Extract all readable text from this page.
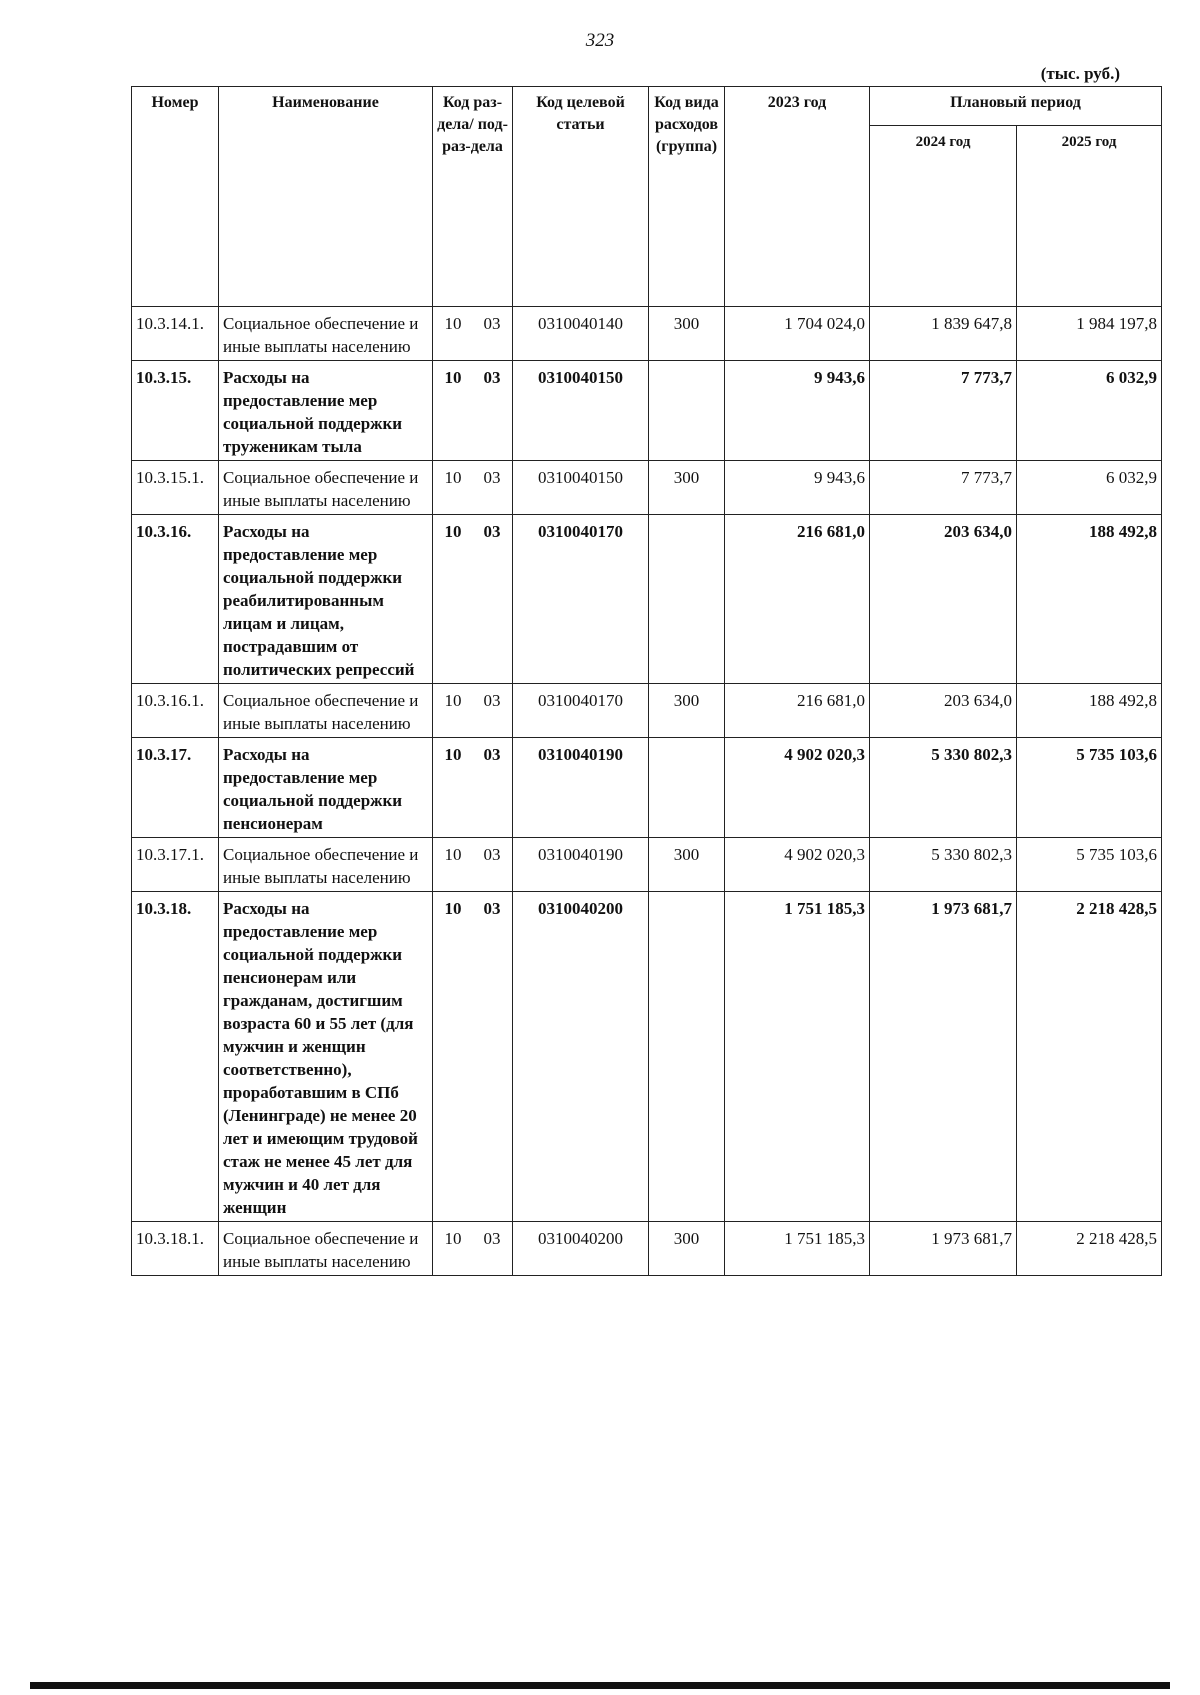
323
(тыс. руб.)
Номер	Наименование	Код раз-дела/ под-раз-дела	Код целевой статьи	Код вида расходов (группа)	2023 год	Плановый период	
						2024 год	2025 год
10.3.14.1.	Социальное обеспечение и иные выплаты населению	10 03	0310040140	300	1 704 024,0	1 839 647,8	1 984 197,8
10.3.15.	Расходы на предоставление мер социальной поддержки труженикам тыла	10 03	0310040150		9 943,6	7 773,7	6 032,9
10.3.15.1.	Социальное обеспечение и иные выплаты населению	10 03	0310040150	300	9 943,6	7 773,7	6 032,9
10.3.16.	Расходы на предоставление мер социальной поддержки реабилитированным лицам и лицам, пострадавшим от политических репрессий	10 03	0310040170		216 681,0	203 634,0	188 492,8
10.3.16.1.	Социальное обеспечение и иные выплаты населению	10 03	0310040170	300	216 681,0	203 634,0	188 492,8
10.3.17.	Расходы на предоставление мер социальной поддержки пенсионерам	10 03	0310040190		4 902 020,3	5 330 802,3	5 735 103,6
10.3.17.1.	Социальное обеспечение и иные выплаты населению	10 03	0310040190	300	4 902 020,3	5 330 802,3	5 735 103,6
10.3.18.	Расходы на предоставление мер социальной поддержки пенсионерам или гражданам, достигшим возраста 60 и 55 лет (для мужчин и женщин соответственно), проработавшим в СПб (Ленинграде) не менее 20 лет и имеющим трудовой стаж не менее 45 лет для мужчин и 40 лет для женщин	10 03	0310040200		1 751 185,3	1 973 681,7	2 218 428,5
10.3.18.1.	Социальное обеспечение и иные выплаты населению	10 03	0310040200	300	1 751 185,3	1 973 681,7	2 218 428,5
